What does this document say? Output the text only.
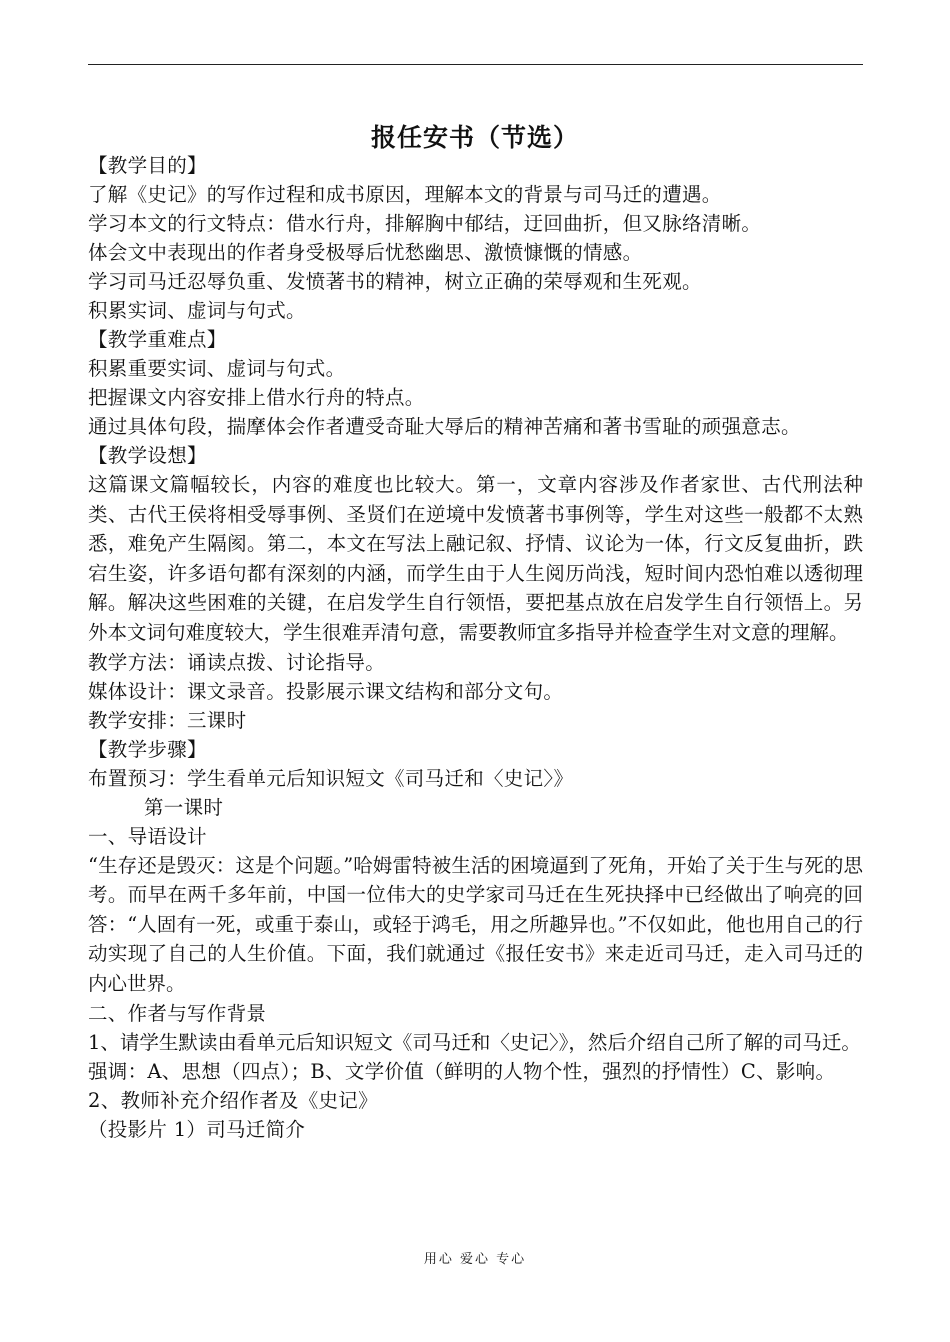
报任安书（节选）
【教学目的】
了解《史记》的写作过程和成书原因，理解本文的背景与司马迁的遭遇。
学习本文的行文特点：借水行舟，排解胸中郁结，迂回曲折，但又脉络清晰。
体会文中表现出的作者身受极辱后忧愁幽思、激愤慷慨的情感。
学习司马迁忍辱负重、发愤著书的精神，树立正确的荣辱观和生死观。
积累实词、虚词与句式。
【教学重难点】
积累重要实词、虚词与句式。
把握课文内容安排上借水行舟的特点。
通过具体句段，揣摩体会作者遭受奇耻大辱后的精神苦痛和著书雪耻的顽强意志。
【教学设想】
这篇课文篇幅较长，内容的难度也比较大。第一，文章内容涉及作者家世、古代刑法种类、古代王侯将相受辱事例、圣贤们在逆境中发愤著书事例等，学生对这些一般都不太熟悉，难免产生隔阂。第二，本文在写法上融记叙、抒情、议论为一体，行文反复曲折，跌宕生姿，许多语句都有深刻的内涵，而学生由于人生阅历尚浅，短时间内恐怕难以透彻理解。解决这些困难的关键，在启发学生自行领悟，要把基点放在启发学生自行领悟上。另外本文词句难度较大，学生很难弄清句意，需要教师宜多指导并检查学生对文意的理解。
教学方法：诵读点拨、讨论指导。
媒体设计：课文录音。投影展示课文结构和部分文句。
教学安排：三课时
【教学步骤】
布置预习：学生看单元后知识短文《司马迁和〈史记〉》
第一课时
一、导语设计
“生存还是毁灭：这是个问题。”哈姆雷特被生活的困境逼到了死角，开始了关于生与死的思考。而早在两千多年前，中国一位伟大的史学家司马迁在生死抉择中已经做出了响亮的回答：“人固有一死，或重于泰山，或轻于鸿毛，用之所趣异也。”不仅如此，他也用自己的行动实现了自己的人生价值。下面，我们就通过《报任安书》来走近司马迁，走入司马迁的内心世界。
二、作者与写作背景
1、请学生默读由看单元后知识短文《司马迁和〈史记〉》，然后介绍自己所了解的司马迁。
强调：A、思想（四点）；B、文学价值（鲜明的人物个性，强烈的抒情性）C、影响。
2、教师补充介绍作者及《史记》
（投影片 1）司马迁简介
用心 爱心 专心
